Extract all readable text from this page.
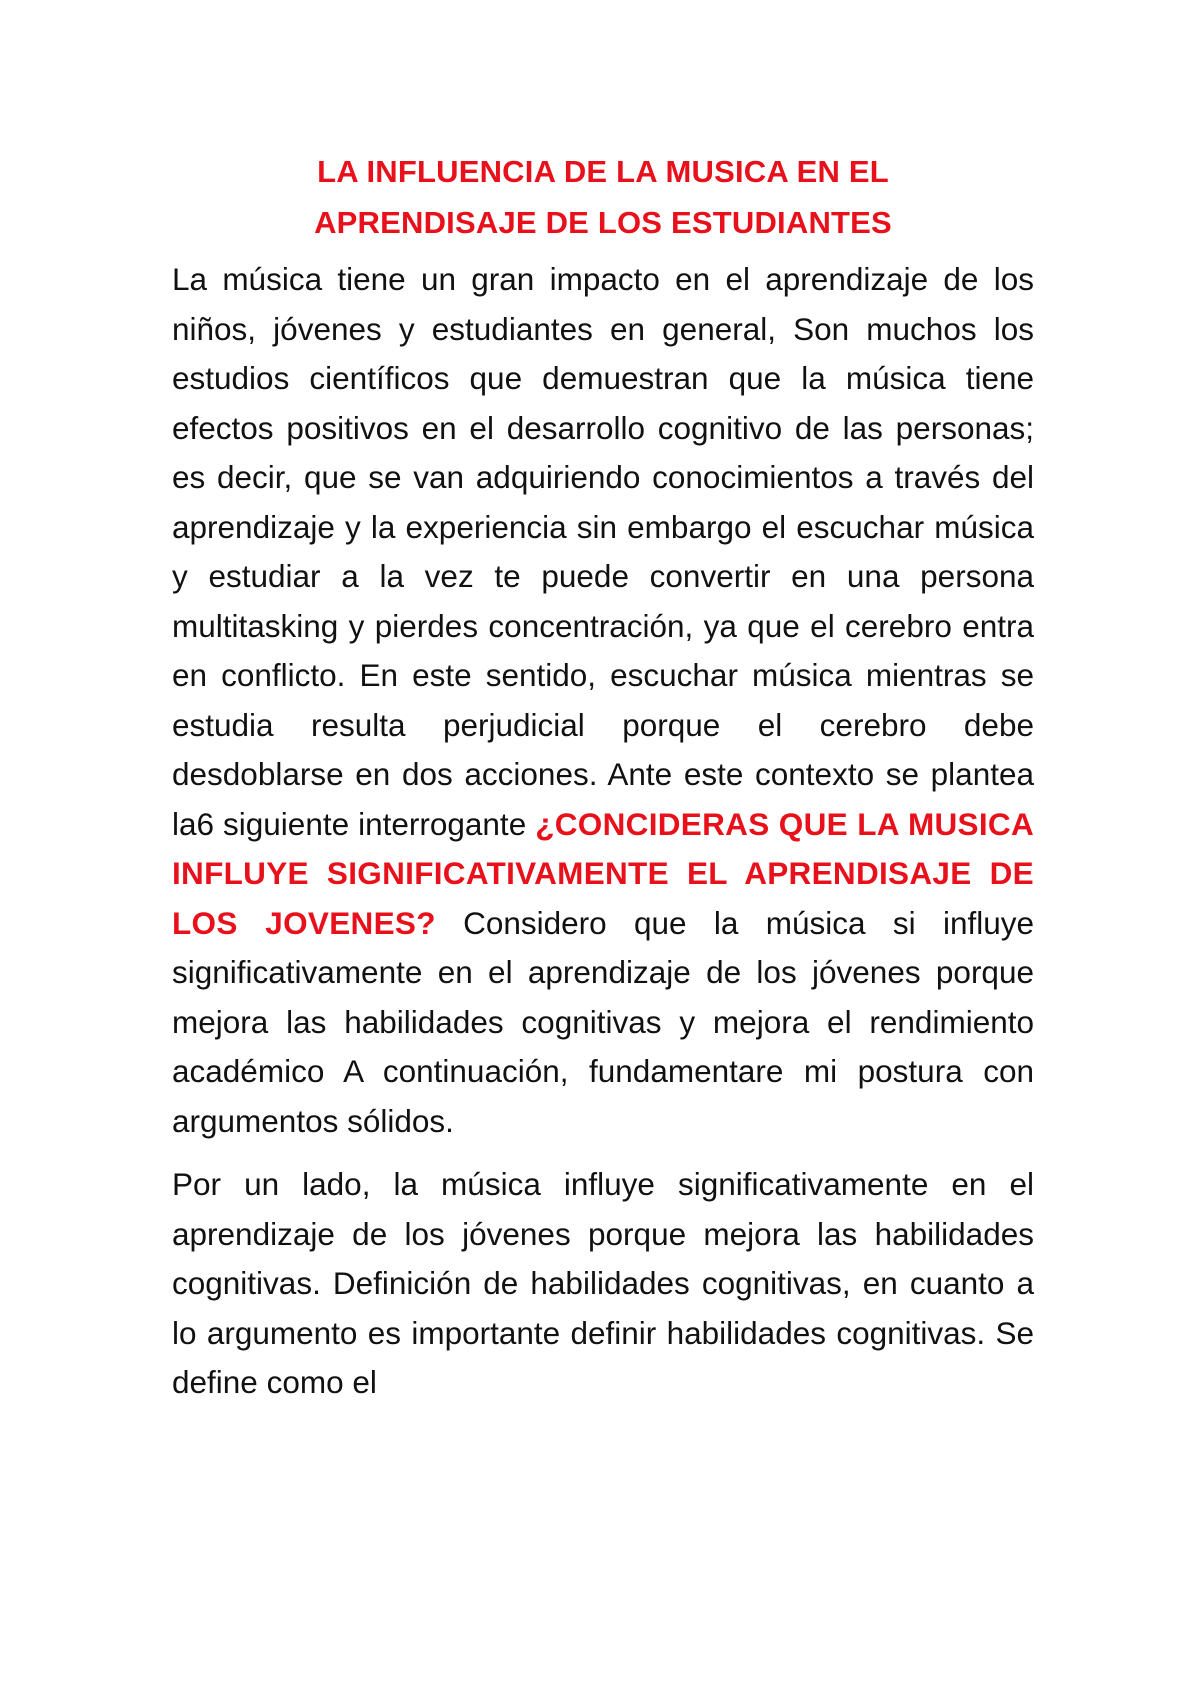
LA INFLUENCIA DE LA MUSICA EN EL
APRENDISAJE DE LOS ESTUDIANTES

La música tiene un gran impacto en el aprendizaje de los niños, jóvenes y estudiantes en general, Son muchos los estudios científicos que demuestran que la música tiene efectos positivos en el desarrollo cognitivo de las personas; es decir, que se van adquiriendo conocimientos a través del aprendizaje y la experiencia sin embargo el escuchar música y estudiar a la vez te puede convertir en una persona multitasking y pierdes concentración, ya que el cerebro entra en conflicto. En este sentido, escuchar música mientras se estudia resulta perjudicial porque el cerebro debe desdoblarse en dos acciones. Ante este contexto se plantea la6 siguiente interrogante ¿CONCIDERAS QUE LA MUSICA INFLUYE SIGNIFICATIVAMENTE EL APRENDISAJE DE LOS JOVENES? Considero que la música si influye significativamente en el aprendizaje de los jóvenes porque mejora las habilidades cognitivas y mejora el rendimiento académico A continuación, fundamentare mi postura con argumentos sólidos.

Por un lado, la música influye significativamente en el aprendizaje de los jóvenes porque mejora las habilidades cognitivas. Definición de habilidades cognitivas, en cuanto a lo argumento es importante definir habilidades cognitivas. Se define como el
